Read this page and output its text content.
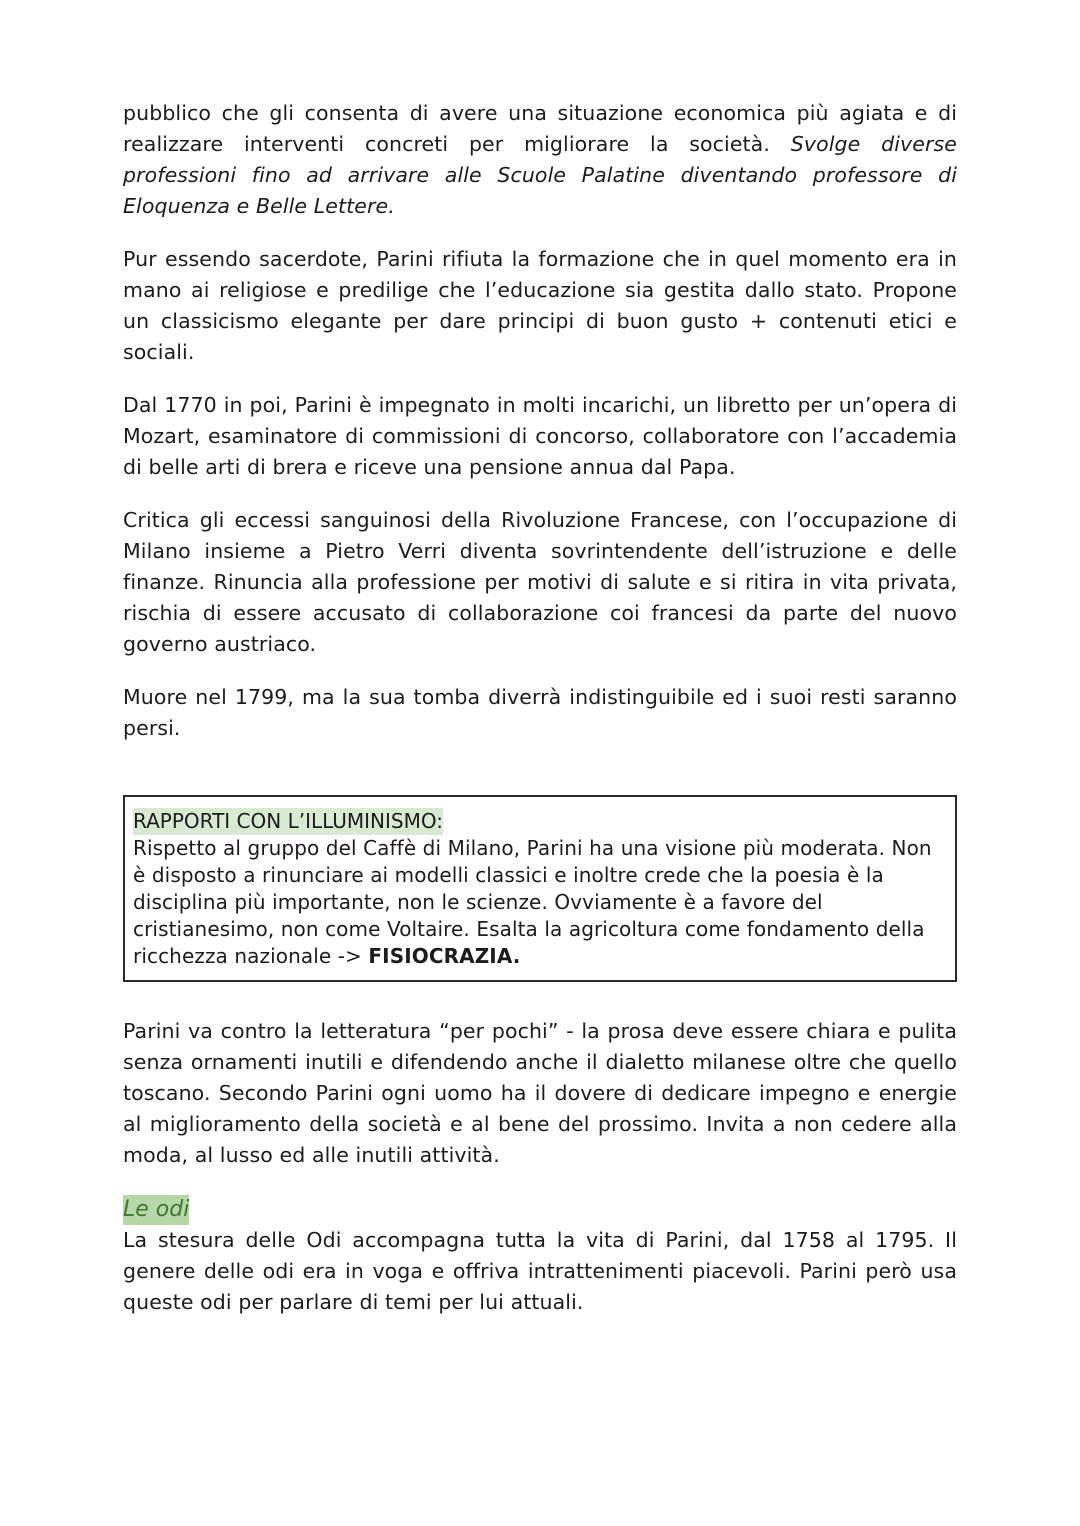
pubblico che gli consenta di avere una situazione economica più agiata e di realizzare interventi concreti per migliorare la società. Svolge diverse professioni fino ad arrivare alle Scuole Palatine diventando professore di Eloquenza e Belle Lettere.

Pur essendo sacerdote, Parini rifiuta la formazione che in quel momento era in mano ai religiose e predilige che l’educazione sia gestita dallo stato. Propone un classicismo elegante per dare principi di buon gusto + contenuti etici e sociali.

Dal 1770 in poi, Parini è impegnato in molti incarichi, un libretto per un’opera di Mozart, esaminatore di commissioni di concorso, collaboratore con l’accademia di belle arti di brera e riceve una pensione annua dal Papa.

Critica gli eccessi sanguinosi della Rivoluzione Francese, con l’occupazione di Milano insieme a Pietro Verri diventa sovrintendente dell’istruzione e delle finanze. Rinuncia alla professione per motivi di salute e si ritira in vita privata, rischia di essere accusato di collaborazione coi francesi da parte del nuovo governo austriaco.

Muore nel 1799, ma la sua tomba diverrà indistinguibile ed i suoi resti saranno persi.

RAPPORTI CON L’ILLUMINISMO:

Rispetto al gruppo del Caffè di Milano, Parini ha una visione più moderata. Non è disposto a rinunciare ai modelli classici e inoltre crede che la poesia è la disciplina più importante, non le scienze. Ovviamente è a favore del cristianesimo, non come Voltaire. Esalta la agricoltura come fondamento della ricchezza nazionale -> FISIOCRAZIA.

Parini va contro la letteratura “per pochi” - la prosa deve essere chiara e pulita senza ornamenti inutili e difendendo anche il dialetto milanese oltre che quello toscano. Secondo Parini ogni uomo ha il dovere di dedicare impegno e energie al miglioramento della società e al bene del prossimo. Invita a non cedere alla moda, al lusso ed alle inutili attività.

Le odi

La stesura delle Odi accompagna tutta la vita di Parini, dal 1758 al 1795. Il genere delle odi era in voga e offriva intrattenimenti piacevoli. Parini però usa queste odi per parlare di temi per lui attuali.
